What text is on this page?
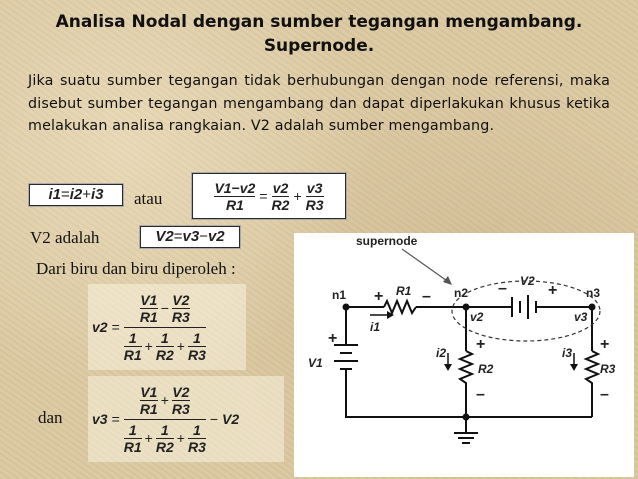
Analisa Nodal dengan sumber tegangan mengambang.
Supernode.
Jika suatu sumber tegangan tidak berhubungan dengan node referensi, maka disebut sumber tegangan mengambang dan dapat diperlakukan khusus ketika melakukan analisa rangkaian. V2 adalah sumber mengambang.
i1=i2+i3	atau	$\frac{V1-v2}{R1} = \frac{v2}{R2} + \frac{v3}{R3}$
V2 adalah	V2=v3−v2
Dari biru dan biru diperoleh :
$v2 = \frac{\frac{V1}{R1} - \frac{V2}{R3}}{\frac{1}{R1} + \frac{1}{R2} + \frac{1}{R3}}$
dan $v3 = \frac{\frac{V1}{R1} + \frac{V2}{R3}}{\frac{1}{R1} + \frac{1}{R2} + \frac{1}{R3}} - V2$
supernode
n1	n2	n3
v2	v3
R1
R2	R3
V1
V2
i1
i2	i3
+ –	–	+
+	+
–
+
–
